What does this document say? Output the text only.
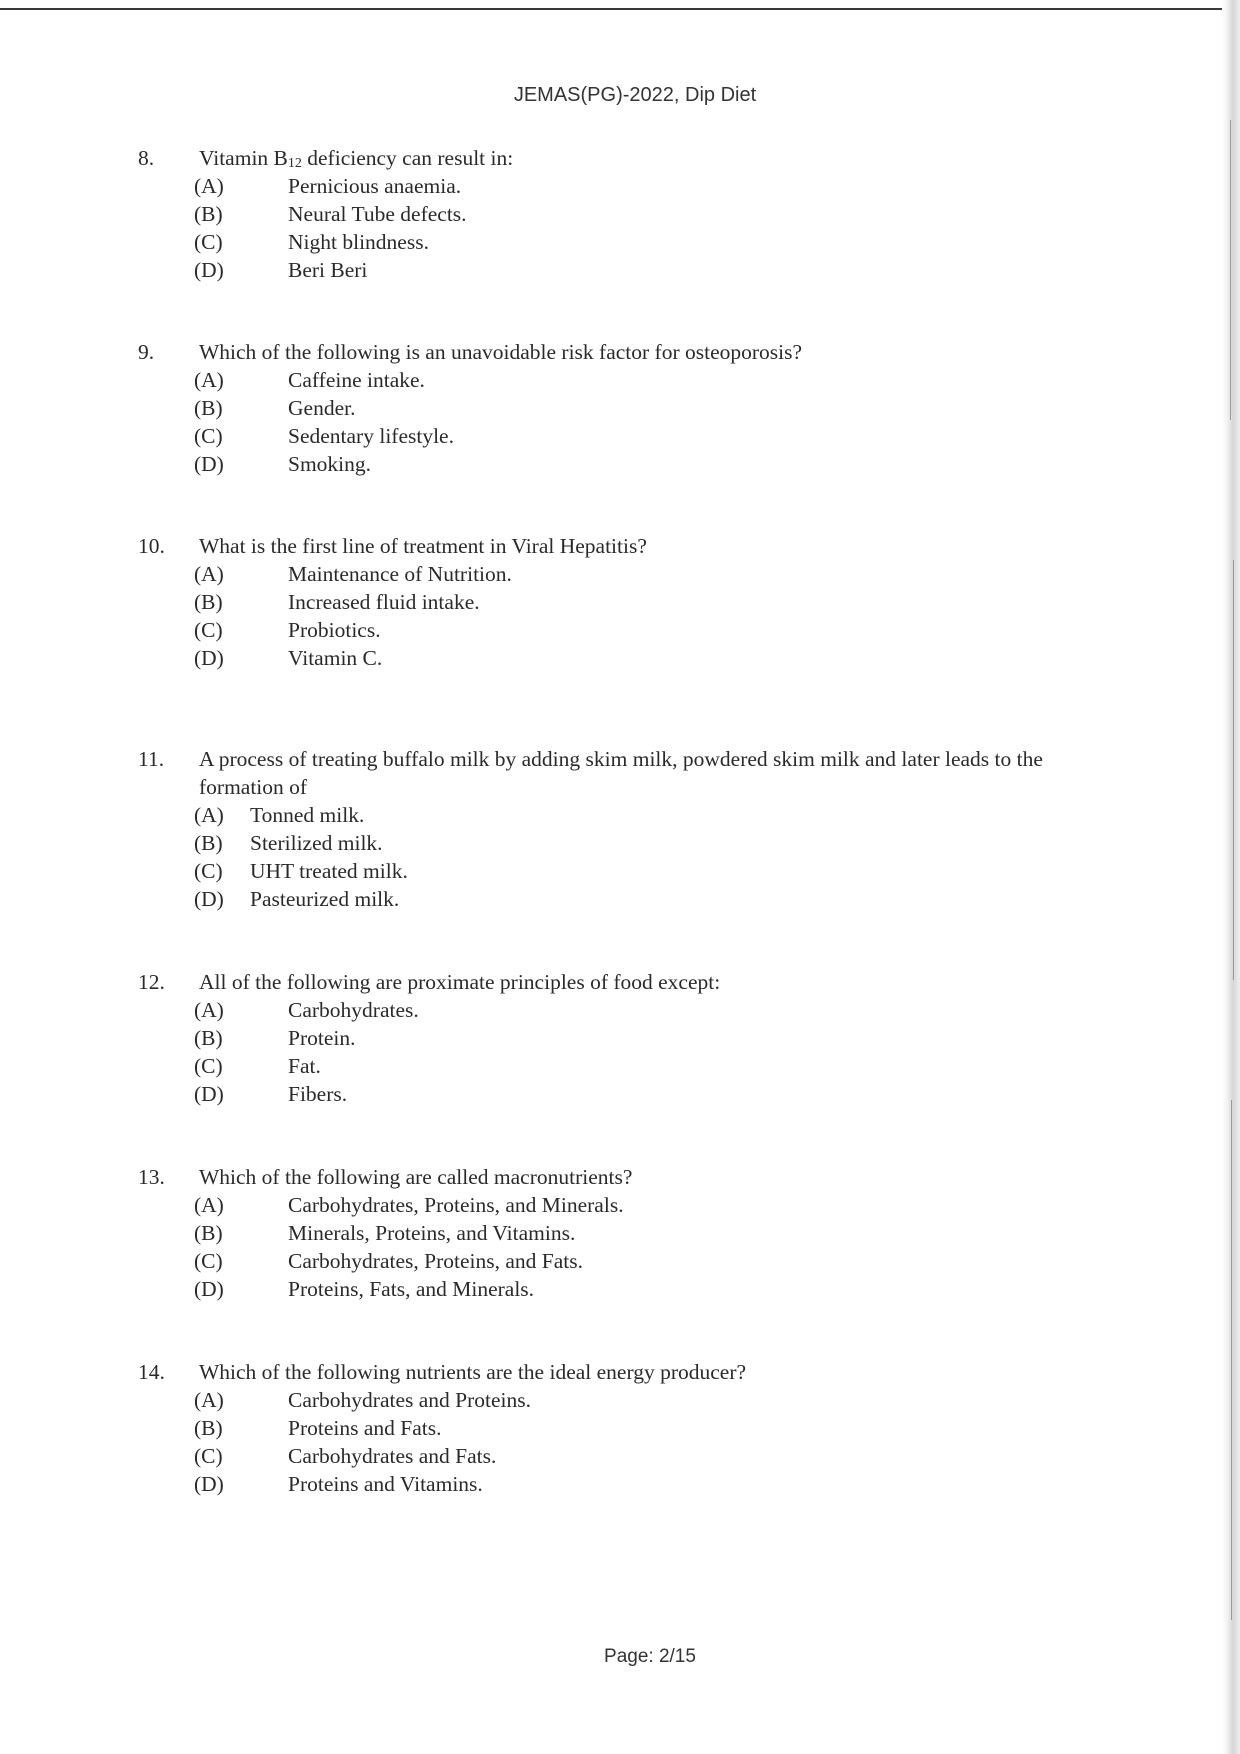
JEMAS(PG)-2022, Dip Diet
8. Vitamin $B_{12}$ deficiency can result in:

(A)	Pernicious anaemia.
(B)	Neural Tube defects.
(C)	Night blindness.
(D)	Beri Beri
9. Which of the following is an unavoidable risk factor for osteoporosis?

(A)	Caffeine intake.
(B)	Gender.
(C)	Sedentary lifestyle.
(D)	Smoking.
10. What is the first line of treatment in Viral Hepatitis?

(A)	Maintenance of Nutrition.
(B)	Increased fluid intake.
(C)	Probiotics.
(D)	Vitamin C.
11. A process of treating buffalo milk by adding skim milk, powdered skim milk and later leads to the formation of

(A) Tonned milk.
(B) Sterilized milk.
(C) UHT treated milk.
(D) Pasteurized milk.
12. All of the following are proximate principles of food except:

(A)	Carbohydrates.
(B)	Protein.
(C)	Fat.
(D)	Fibers.
13. Which of the following are called macronutrients?

(A)	Carbohydrates, Proteins, and Minerals.
(B)	Minerals, Proteins, and Vitamins.
(C)	Carbohydrates, Proteins, and Fats.
(D)	Proteins, Fats, and Minerals.
14. Which of the following nutrients are the ideal energy producer?

(A)	Carbohydrates and Proteins.
(B)	Proteins and Fats.
(C)	Carbohydrates and Fats.
(D)	Proteins and Vitamins.
Page: 2/15
